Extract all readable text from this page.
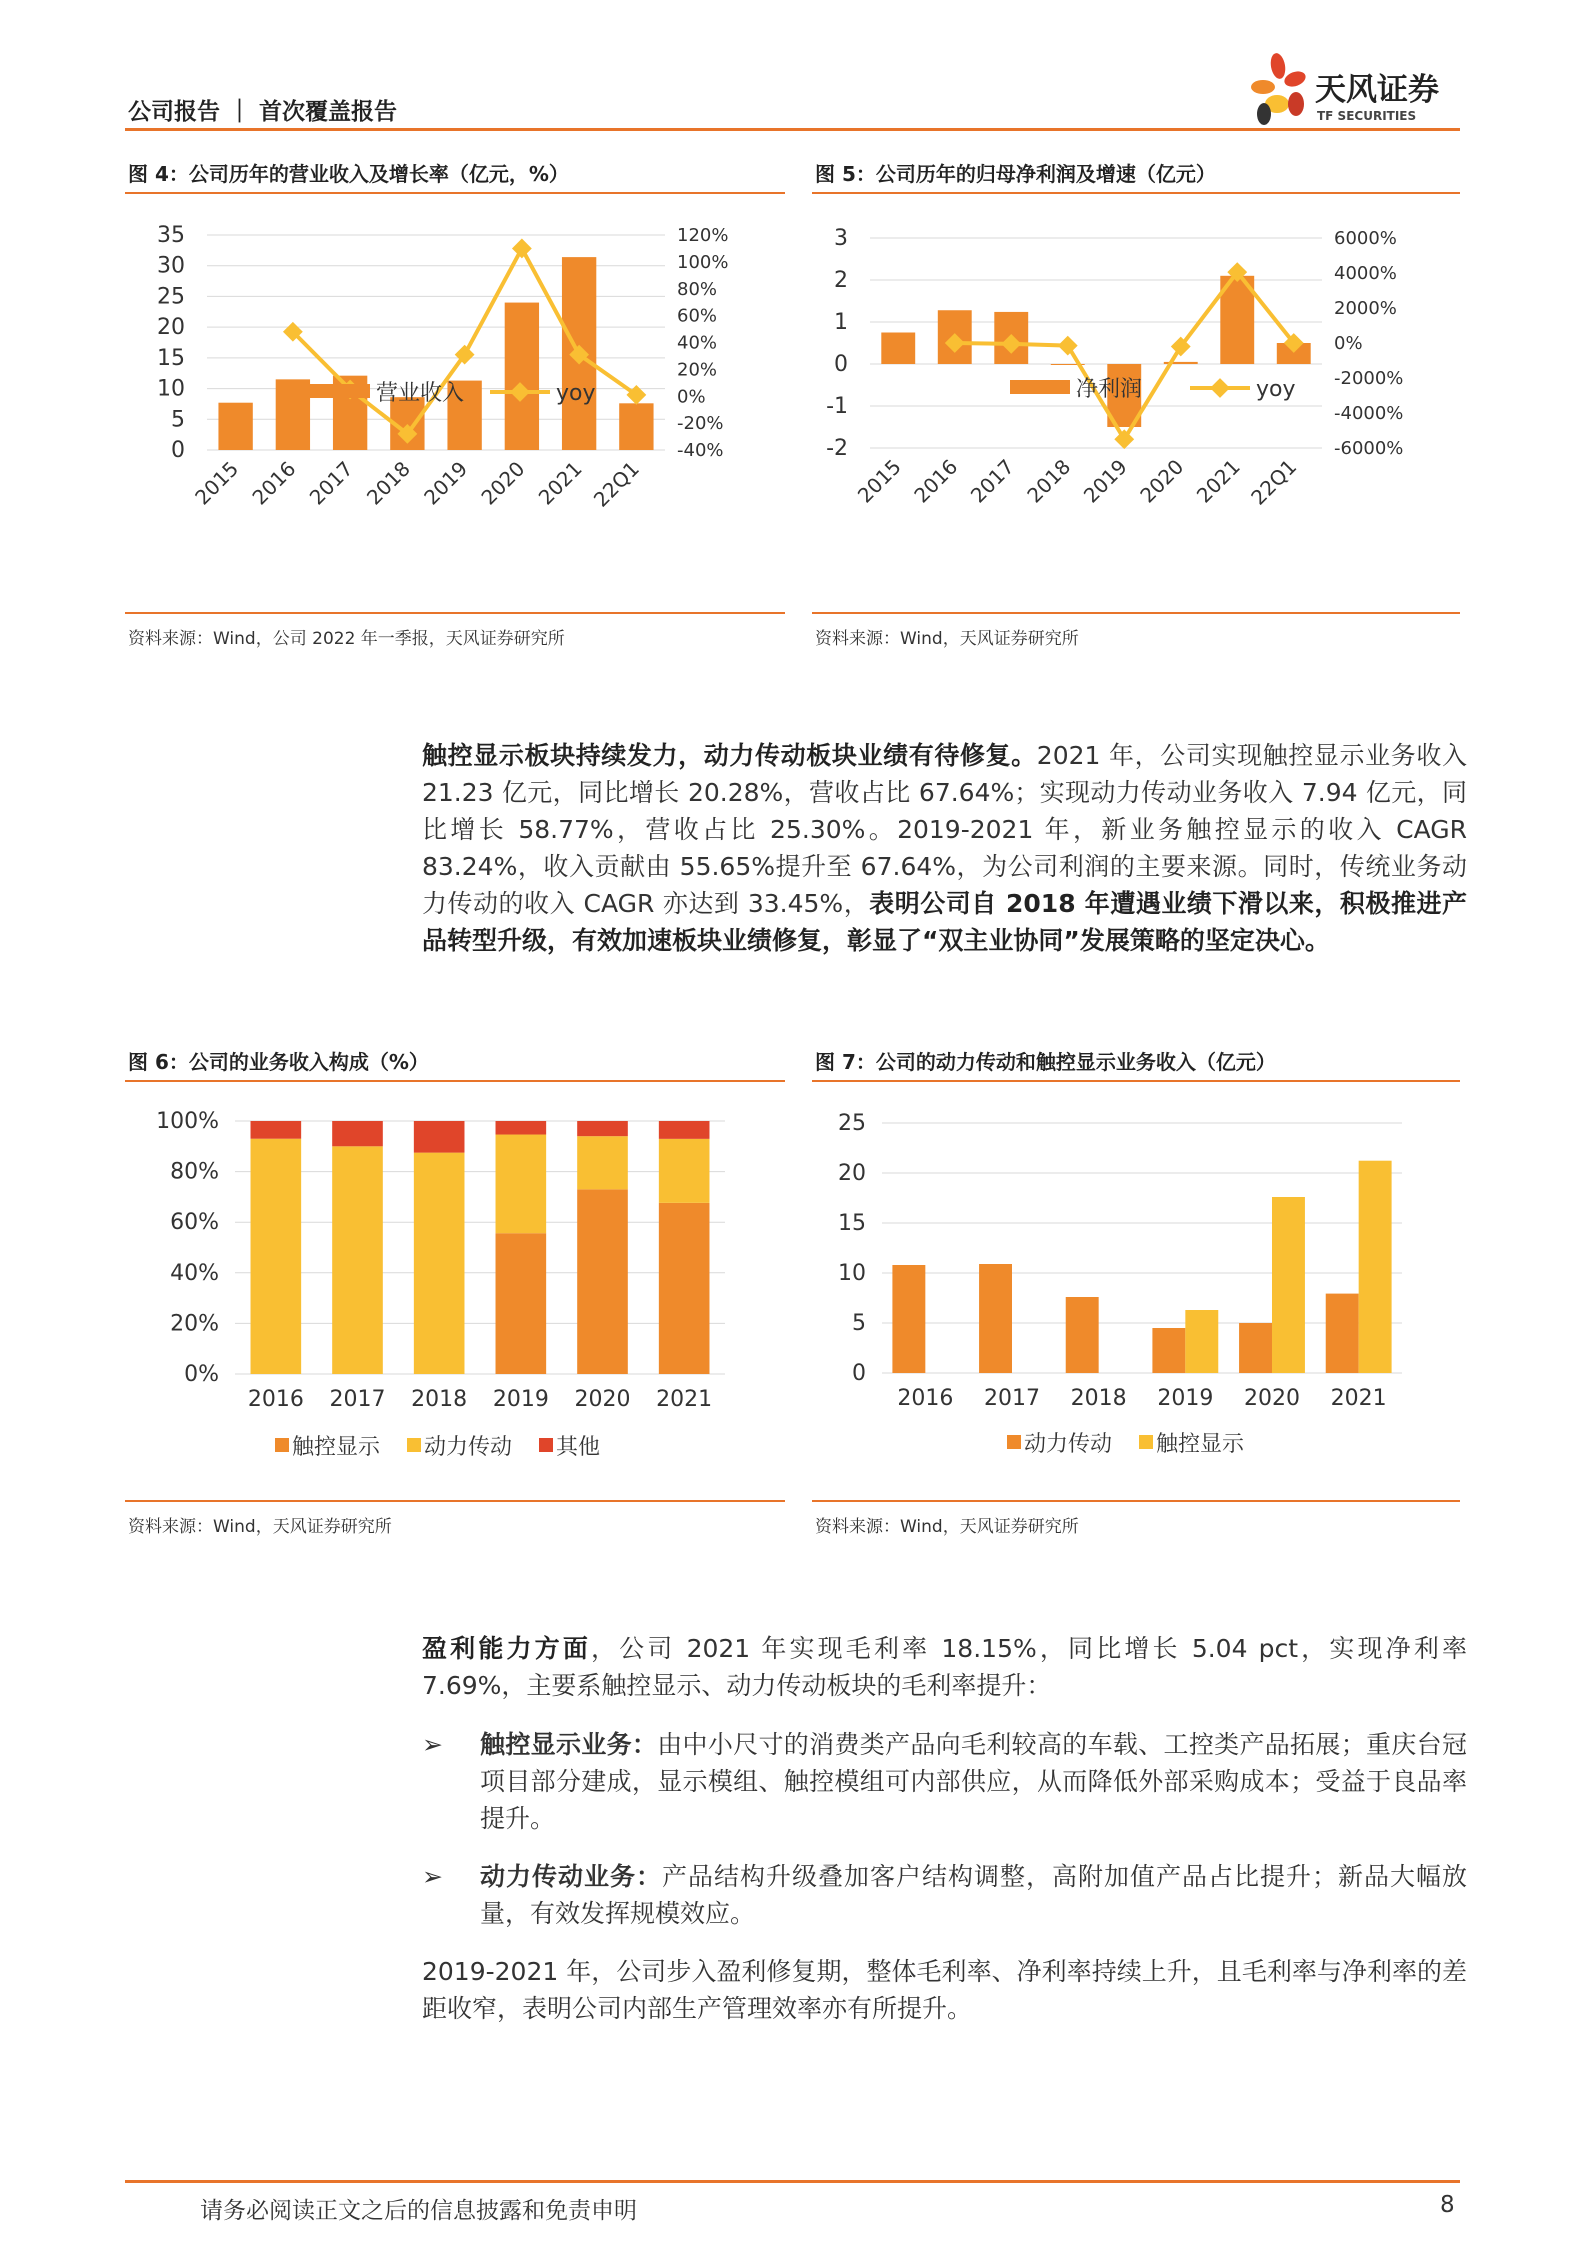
公司报告 ｜ 首次覆盖报告
天风证券
TF SECURITIES
图 4：公司历年的营业收入及增长率（亿元，%）	图 5：公司历年的归母净利润及增速（亿元）
0
5
10
15
20
25
30
35
-40%
-20%
0%
20%
40%
60%
80%
100%
120%
2015 2016 2017 2018 2019 2020 2021 22Q1
营业收入	yoy
资料来源：Wind，公司 2022 年一季报，天风证券研究所
-2
-1
0
1
2
3
-6000%
-4000%
-2000%
0%
2000%
4000%
6000%
2015 2016 2017 2018 2019 2020 2021 22Q1
净利润	yoy
资料来源：Wind，天风证券研究所
触控显示板块持续发力，动力传动板块业绩有待修复。2021 年，公司实现触控显示业务收入 21.23 亿元，同比增长 20.28%，营收占比 67.64%；实现动力传动业务收入 7.94 亿元，同比增长 58.77%，营收占比 25.30%。2019-2021 年，新业务触控显示的收入 CAGR 83.24%，收入贡献由 55.65%提升至 67.64%，为公司利润的主要来源。同时，传统业务动力传动的收入 CAGR 亦达到 33.45%，表明公司自 2018 年遭遇业绩下滑以来，积极推进产品转型升级，有效加速板块业绩修复，彰显了“双主业协同”发展策略的坚定决心。
图 6：公司的业务收入构成（%）	图 7：公司的动力传动和触控显示业务收入（亿元）
0%
20%
40%
60%
80%
100%
2016 2017 2018 2019 2020 2021
触控显示 动力传动 其他
资料来源：Wind，天风证券研究所
0
5
10
15
20
25
2016 2017 2018 2019 2020 2021
动力传动 触控显示
资料来源：Wind，天风证券研究所
盈利能力方面，公司 2021 年实现毛利率 18.15%，同比增长 5.04 pct，实现净利率 7.69%，主要系触控显示、动力传动板块的毛利率提升：
➢ 触控显示业务：由中小尺寸的消费类产品向毛利较高的车载、工控类产品拓展；重庆台冠项目部分建成，显示模组、触控模组可内部供应，从而降低外部采购成本；受益于良品率提升。
➢ 动力传动业务：产品结构升级叠加客户结构调整，高附加值产品占比提升；新品大幅放量，有效发挥规模效应。
2019-2021 年，公司步入盈利修复期，整体毛利率、净利率持续上升，且毛利率与净利率的差距收窄，表明公司内部生产管理效率亦有所提升。
请务必阅读正文之后的信息披露和免责申明	8
